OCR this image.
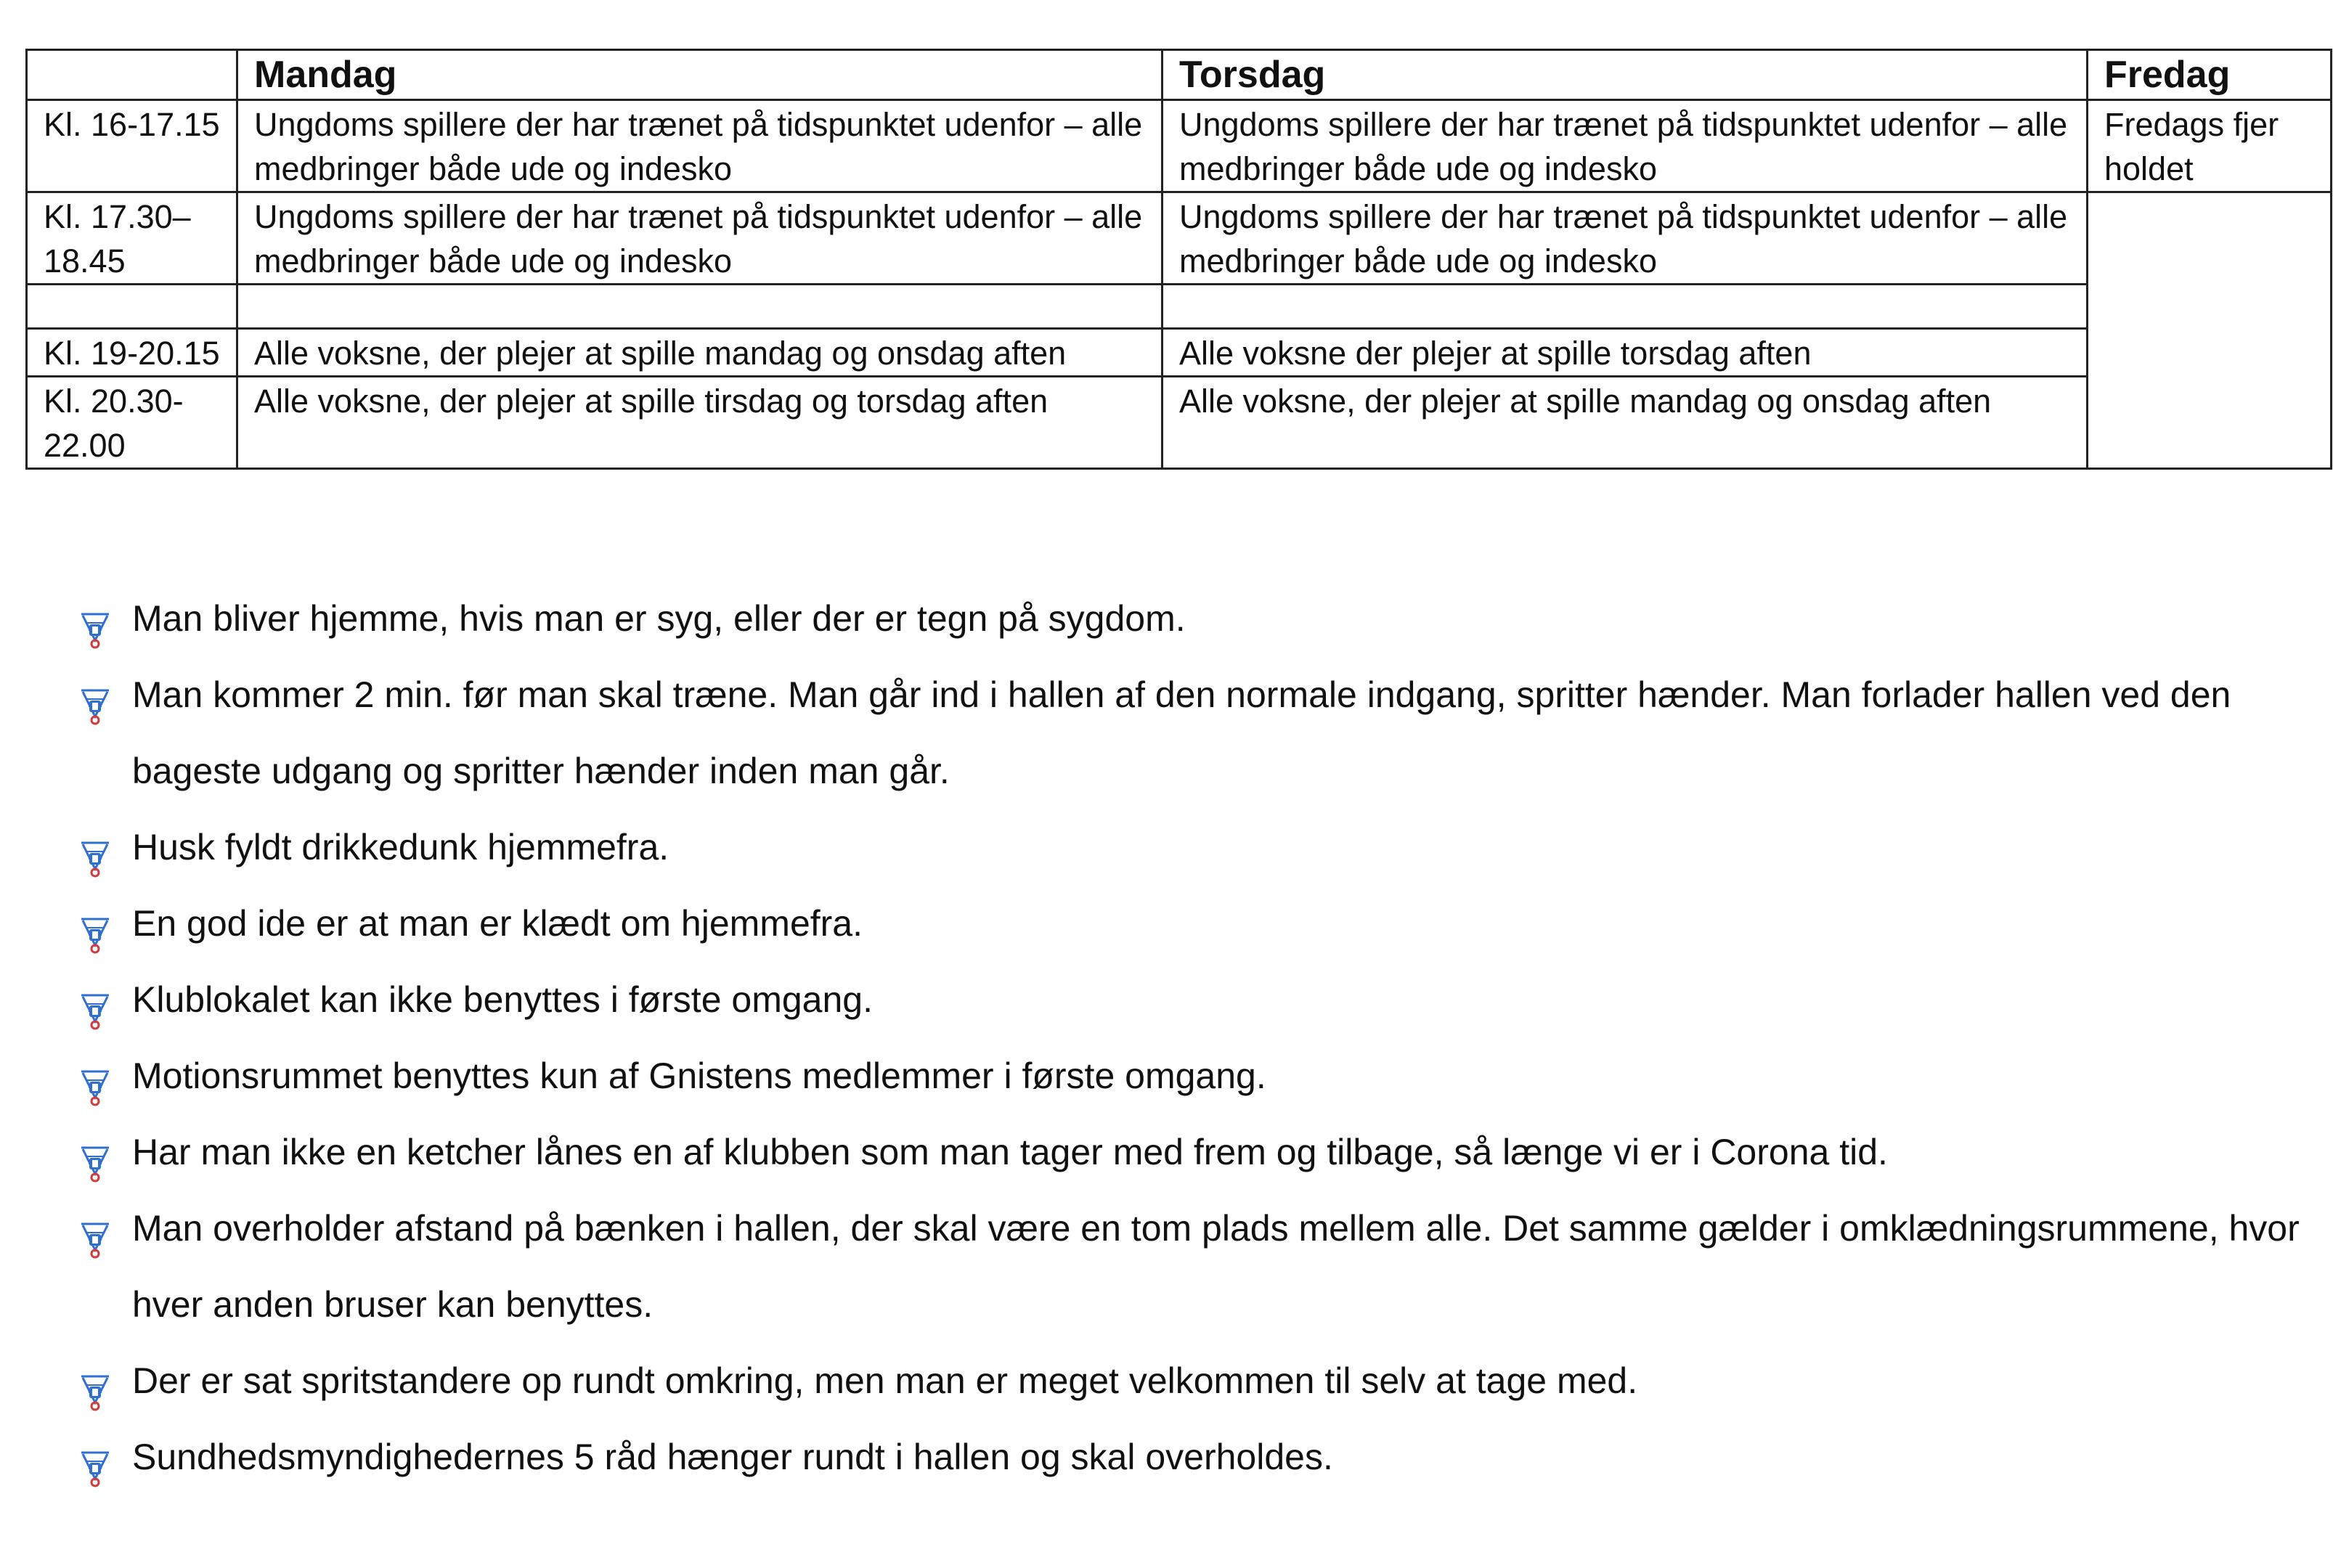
	Mandag	Torsdag	Fredag
Kl. 16-17.15	Ungdoms spillere der har trænet på tidspunktet udenfor – alle medbringer både ude og indesko	Ungdoms spillere der har trænet på tidspunktet udenfor – alle medbringer både ude og indesko	Fredags fjer holdet
Kl. 17.30–18.45	Ungdoms spillere der har trænet på tidspunktet udenfor – alle medbringer både ude og indesko	Ungdoms spillere der har trænet på tidspunktet udenfor – alle medbringer både ude og indesko	

Kl. 19-20.15	Alle voksne, der plejer at spille mandag og onsdag aften	Alle voksne der plejer at spille torsdag aften	
Kl. 20.30-22.00	Alle voksne, der plejer at spille tirsdag og torsdag aften	Alle voksne, der plejer at spille mandag og onsdag aften	
Man bliver hjemme, hvis man er syg, eller der er tegn på sygdom.
Man kommer 2 min. før man skal træne. Man går ind i hallen af den normale indgang, spritter hænder. Man forlader hallen ved den bageste udgang og spritter hænder inden man går.
Husk fyldt drikkedunk hjemmefra.
En god ide er at man er klædt om hjemmefra.
Klublokalet kan ikke benyttes i første omgang.
Motionsrummet benyttes kun af Gnistens medlemmer i første omgang.
Har man ikke en ketcher lånes en af klubben som man tager med frem og tilbage, så længe vi er i Corona tid.
Man overholder afstand på bænken i hallen, der skal være en tom plads mellem alle. Det samme gælder i omklædningsrummene, hvor hver anden bruser kan benyttes.
Der er sat spritstandere op rundt omkring, men man er meget velkommen til selv at tage med.
Sundhedsmyndighedernes 5 råd hænger rundt i hallen og skal overholdes.
